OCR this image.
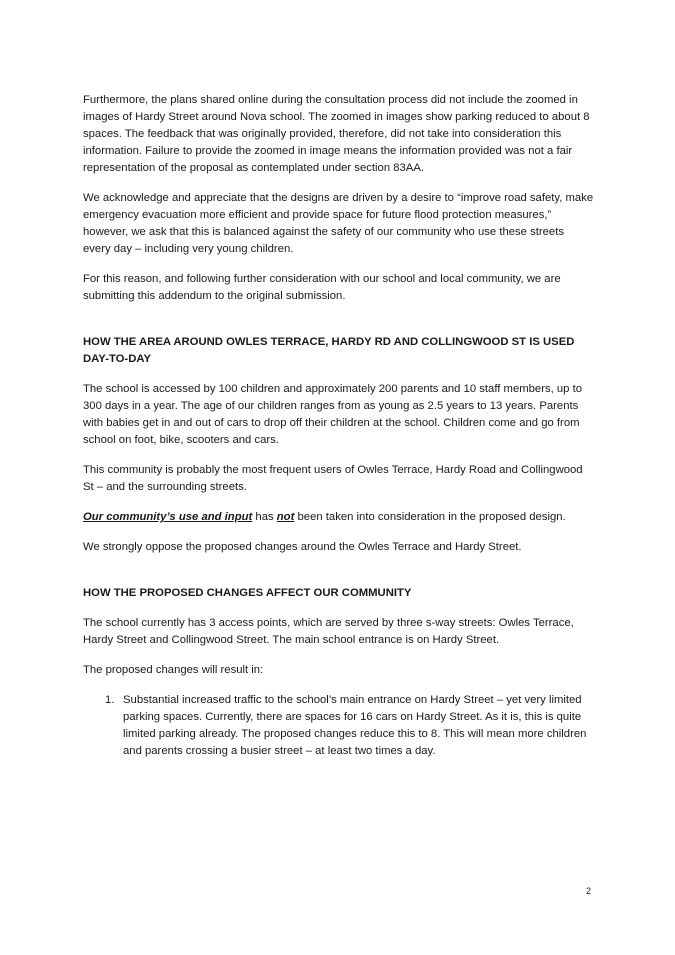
Furthermore, the plans shared online during the consultation process did not include the zoomed in images of Hardy Street around Nova school. The zoomed in images show parking reduced to about 8 spaces. The feedback that was originally provided, therefore, did not take into consideration this information. Failure to provide the zoomed in image means the information provided was not a fair representation of the proposal as contemplated under section 83AA.

We acknowledge and appreciate that the designs are driven by a desire to “improve road safety, make emergency evacuation more efficient and provide space for future flood protection measures,” however, we ask that this is balanced against the safety of our community who use these streets every day – including very young children.

For this reason, and following further consideration with our school and local community, we are submitting this addendum to the original submission.

HOW THE AREA AROUND OWLES TERRACE, HARDY RD AND COLLINGWOOD ST IS USED DAY-TO-DAY

The school is accessed by 100 children and approximately 200 parents and 10 staff members, up to 300 days in a year. The age of our children ranges from as young as 2.5 years to 13 years. Parents with babies get in and out of cars to drop off their children at the school. Children come and go from school on foot, bike, scooters and cars.

This community is probably the most frequent users of Owles Terrace, Hardy Road and Collingwood St – and the surrounding streets.

Our community’s use and input has not been taken into consideration in the proposed design.

We strongly oppose the proposed changes around the Owles Terrace and Hardy Street.

HOW THE PROPOSED CHANGES AFFECT OUR COMMUNITY

The school currently has 3 access points, which are served by three s-way streets: Owles Terrace, Hardy Street and Collingwood Street. The main school entrance is on Hardy Street.

The proposed changes will result in:

1. Substantial increased traffic to the school’s main entrance on Hardy Street – yet very limited parking spaces. Currently, there are spaces for 16 cars on Hardy Street. As it is, this is quite limited parking already. The proposed changes reduce this to 8. This will mean more children and parents crossing a busier street – at least two times a day.
2
